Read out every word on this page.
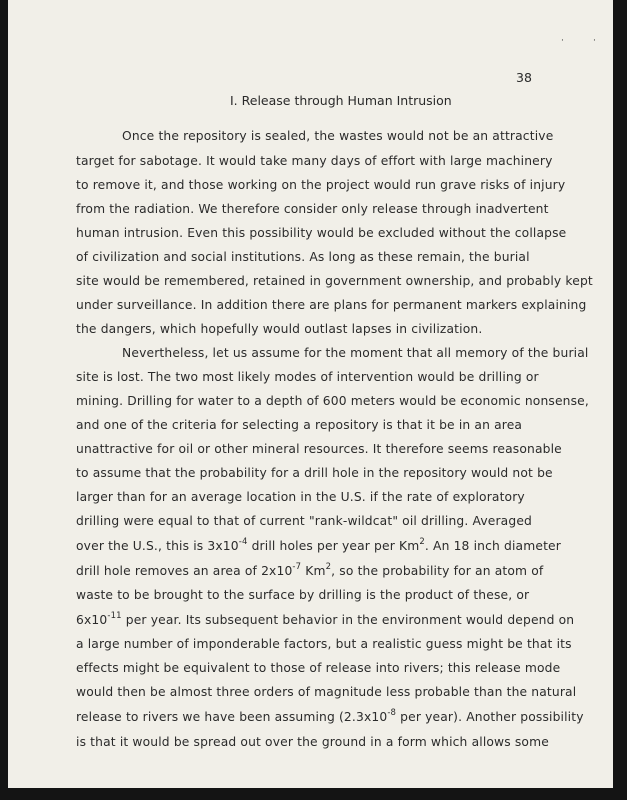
·	·
38
I. Release through Human Intrusion
Once the repository is sealed, the wastes would not be an attractive
target for sabotage. It would take many days of effort with large machinery
to remove it, and those working on the project would run grave risks of injury
from the radiation. We therefore consider only release through inadvertent
human intrusion. Even this possibility would be excluded without the collapse
of civilization and social institutions. As long as these remain, the burial
site would be remembered, retained in government ownership, and probably kept
under surveillance. In addition there are plans for permanent markers explaining
the dangers, which hopefully would outlast lapses in civilization.
Nevertheless, let us assume for the moment that all memory of the burial
site is lost. The two most likely modes of intervention would be drilling or
mining. Drilling for water to a depth of 600 meters would be economic nonsense,
and one of the criteria for selecting a repository is that it be in an area
unattractive for oil or other mineral resources. It therefore seems reasonable
to assume that the probability for a drill hole in the repository would not be
larger than for an average location in the U.S. if the rate of exploratory
drilling were equal to that of current "rank-wildcat" oil drilling. Averaged
over the U.S., this is $3x10^{-4}$ drill holes per year per Km$^2$. An 18 inch diameter
drill hole removes an area of $2x10^{-7}$ Km$^2$, so the probability for an atom of
waste to be brought to the surface by drilling is the product of these, or
$6x10^{-11}$ per year. Its subsequent behavior in the environment would depend on
a large number of imponderable factors, but a realistic guess might be that its
effects might be equivalent to those of release into rivers; this release mode
would then be almost three orders of magnitude less probable than the natural
release to rivers we have been assuming ($2.3x10^{-8}$ per year). Another possibility
is that it would be spread out over the ground in a form which allows some
